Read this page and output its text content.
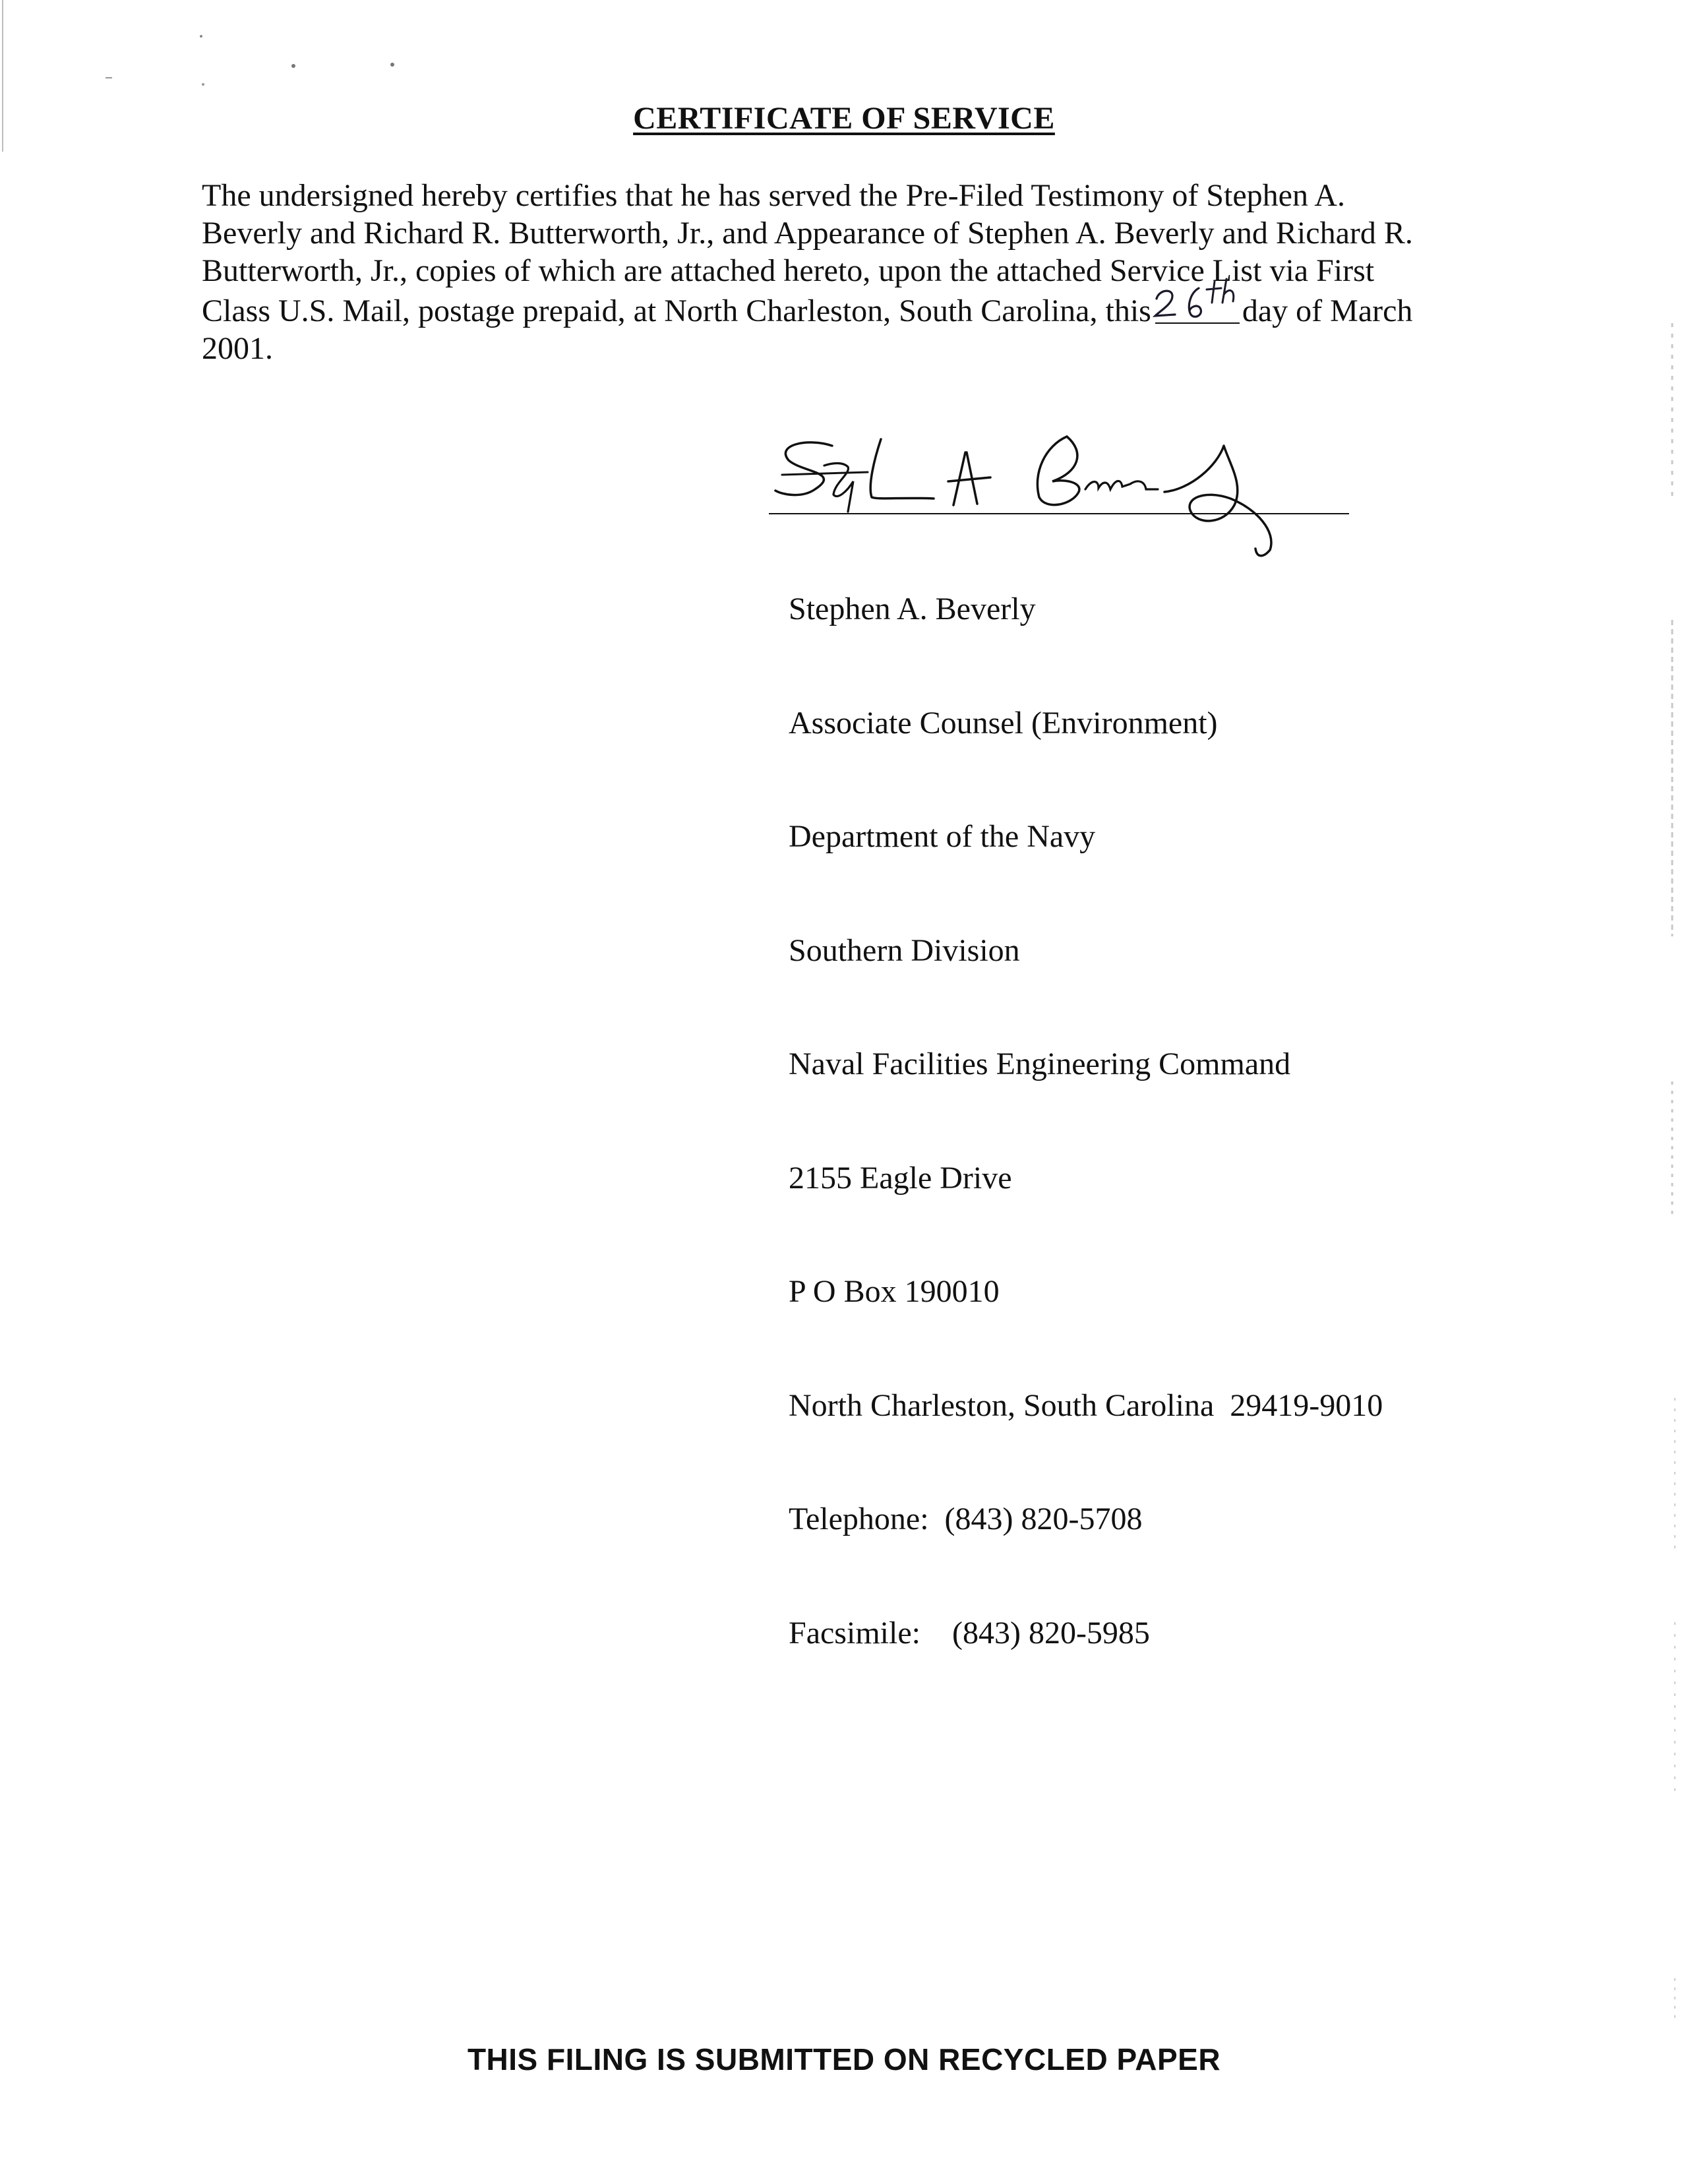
CERTIFICATE OF SERVICE
The undersigned hereby certifies that he has served the Pre-Filed Testimony of Stephen A.
Beverly and Richard R. Butterworth, Jr., and Appearance of Stephen A. Beverly and Richard R.
Butterworth, Jr., copies of which are attached hereto, upon the attached Service List via First
Class U.S. Mail, postage prepaid, at North Charleston, South Carolina, this	day of March
2001.

Stephen A. Beverly

Associate Counsel (Environment)

Department of the Navy

Southern Division

Naval Facilities Engineering Command

2155 Eagle Drive

P O Box 190010

North Charleston, South Carolina  29419-9010

Telephone:  (843) 820-5708

Facsimile:    (843) 820-5985

THIS FILING IS SUBMITTED ON RECYCLED PAPER
